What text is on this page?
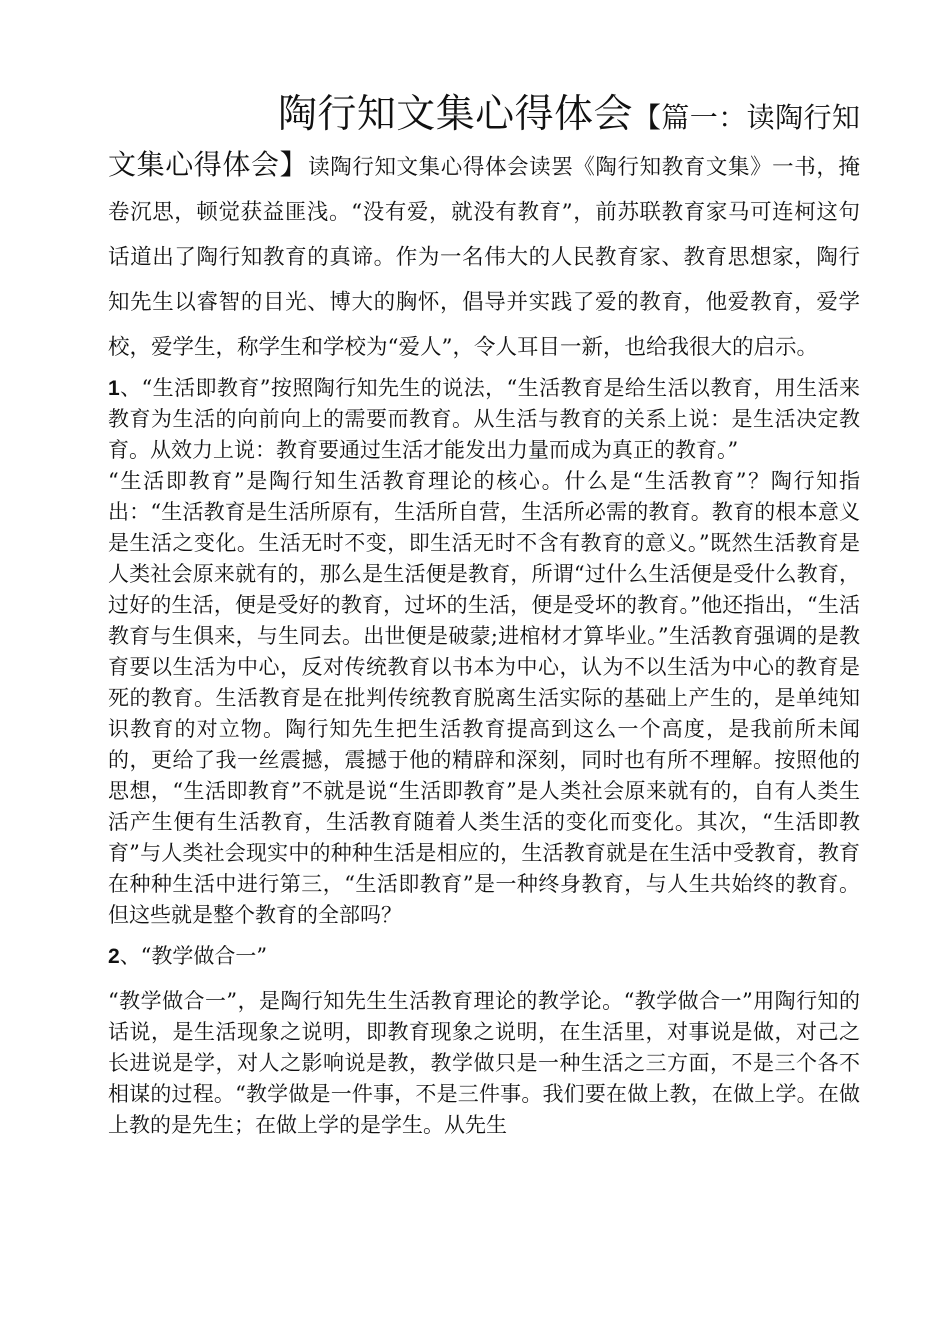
陶行知文集心得体会【篇一：读陶行知文集心得体会】读陶行知文集心得体会读罢《陶行知教育文集》一书，掩卷沉思，顿觉获益匪浅。“没有爱，就没有教育”，前苏联教育家马可连柯这句话道出了陶行知教育的真谛。作为一名伟大的人民教育家、教育思想家，陶行知先生以睿智的目光、博大的胸怀，倡导并实践了爱的教育，他爱教育，爱学校，爱学生，称学生和学校为“爱人”，令人耳目一新，也给我很大的启示。
1、“生活即教育”按照陶行知先生的说法，“生活教育是给生活以教育，用生活来教育为生活的向前向上的需要而教育。从生活与教育的关系上说：是生活决定教育。从效力上说：教育要通过生活才能发出力量而成为真正的教育。”

“生活即教育”是陶行知生活教育理论的核心。什么是“生活教育”？陶行知指出：“生活教育是生活所原有，生活所自营，生活所必需的教育。教育的根本意义是生活之变化。生活无时不变，即生活无时不含有教育的意义。”既然生活教育是人类社会原来就有的，那么是生活便是教育，所谓“过什么生活便是受什么教育，过好的生活，便是受好的教育，过坏的生活，便是受坏的教育。”他还指出，“生活教育与生俱来，与生同去。出世便是破蒙;进棺材才算毕业。”生活教育强调的是教育要以生活为中心，反对传统教育以书本为中心，认为不以生活为中心的教育是死的教育。生活教育是在批判传统教育脱离生活实际的基础上产生的，是单纯知识教育的对立物。陶行知先生把生活教育提高到这么一个高度，是我前所未闻的，更给了我一丝震撼，震撼于他的精辟和深刻，同时也有所不理解。按照他的思想，“生活即教育”不就是说“生活即教育”是人类社会原来就有的，自有人类生活产生便有生活教育，生活教育随着人类生活的变化而变化。其次，“生活即教育”与人类社会现实中的种种生活是相应的，生活教育就是在生活中受教育，教育在种种生活中进行第三，“生活即教育”是一种终身教育，与人生共始终的教育。但这些就是整个教育的全部吗？

2、“教学做合一”

“教学做合一”，是陶行知先生生活教育理论的教学论。“教学做合一”用陶行知的话说，是生活现象之说明，即教育现象之说明，在生活里，对事说是做，对己之长进说是学，对人之影响说是教，教学做只是一种生活之三方面，不是三个各不相谋的过程。“教学做是一件事，不是三件事。我们要在做上教，在做上学。在做上教的是先生；在做上学的是学生。从先生
